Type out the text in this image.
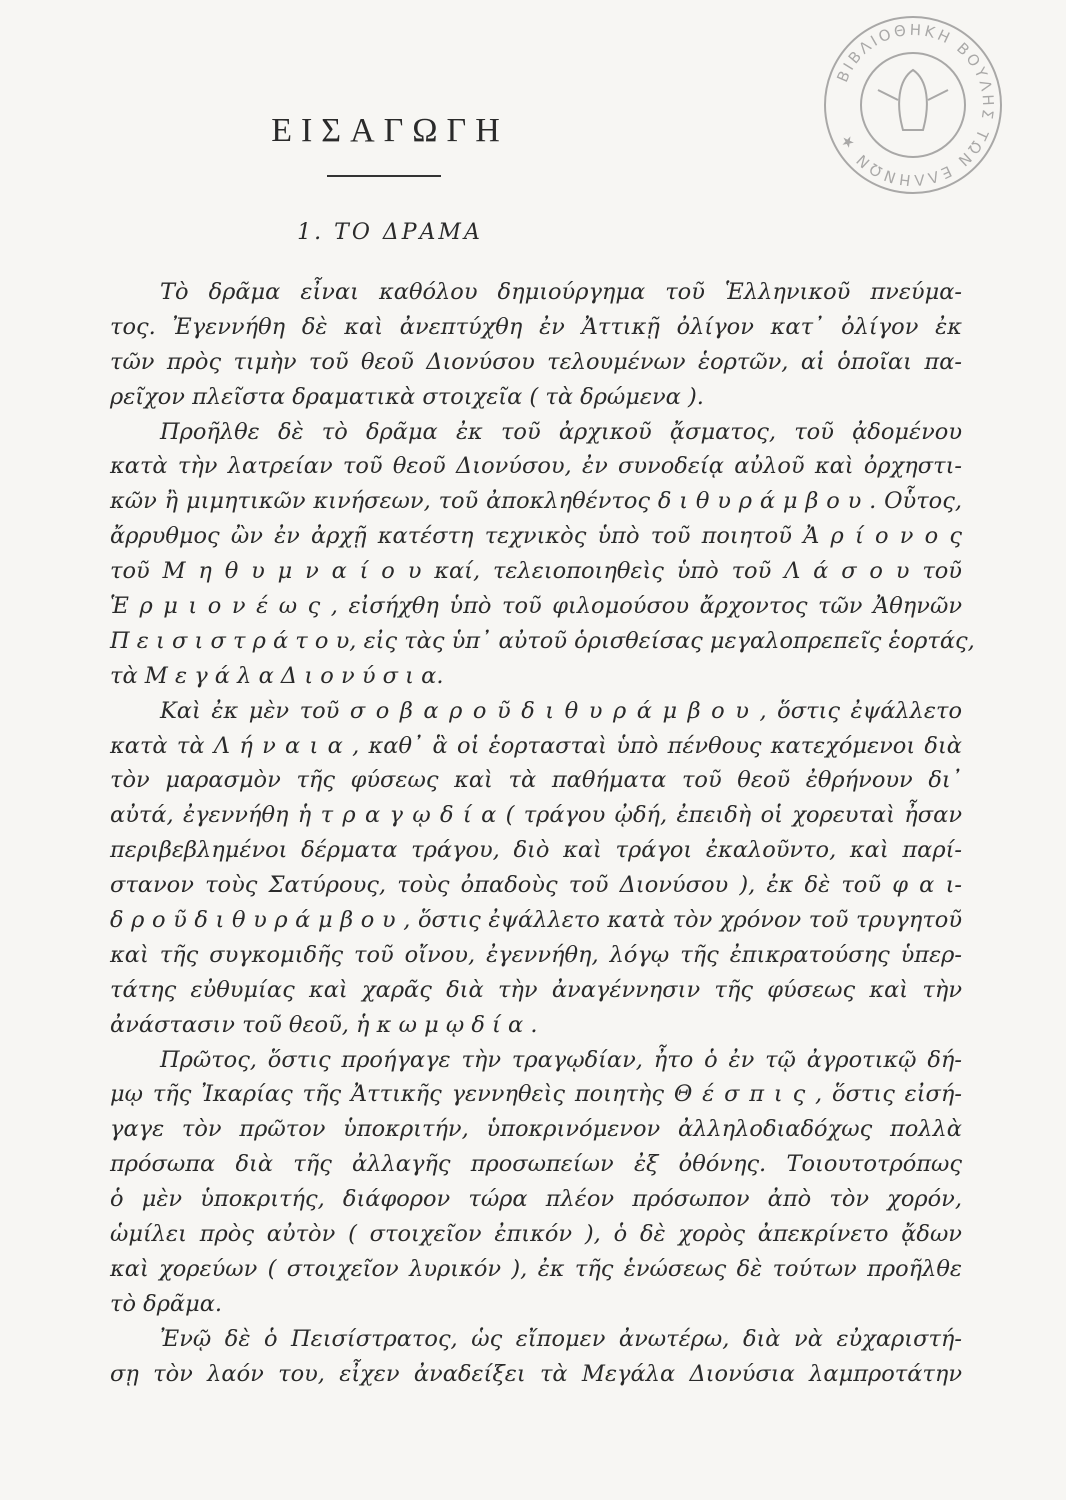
ΒΙΒΛΙΟΘΗΚΗ ΒΟΥΛΗΣ ΤΩΝ ΕΛΛΗΝΩΝ ★
ΕΙΣΑΓΩΓΗ
1. ΤΟ ΔΡΑΜΑ
Τὸ δρᾶμα εἶναι καθόλου δημιούργημα τοῦ Ἑλληνικοῦ πνεύμα-
τος. Ἐγεννήθη δὲ καὶ ἀνεπτύχθη ἐν Ἀττικῇ ὀλίγον κατ᾽ ὀλίγον ἐκ
τῶν πρὸς τιμὴν τοῦ θεοῦ Διονύσου τελουμένων ἑορτῶν, αἱ ὁποῖαι πα-
ρεῖχον πλεῖστα δραματικὰ στοιχεῖα ( τὰ δρώμενα ).
Προῆλθε δὲ τὸ δρᾶμα ἐκ τοῦ ἀρχικοῦ ᾄσματος, τοῦ ᾀδομένου
κατὰ τὴν λατρείαν τοῦ θεοῦ Διονύσου, ἐν συνοδείᾳ αὐλοῦ καὶ ὀρχηστι-
κῶν ἢ μιμητικῶν κινήσεων, τοῦ ἀποκληθέντος δ ι θ υ ρ ά μ β ο υ . Οὗτος,
ἄρρυθμος ὢν ἐν ἀρχῇ κατέστη τεχνικὸς ὑπὸ τοῦ ποιητοῦ Ἀ ρ ί ο ν ο ς
τοῦ Μ η θ υ μ ν α ί ο υ καί, τελειοποιηθεὶς ὑπὸ τοῦ Λ ά σ ο υ τοῦ
Ἑ ρ μ ι ο ν έ ω ς , εἰσήχθη ὑπὸ τοῦ φιλομούσου ἄρχοντος τῶν Ἀθηνῶν
Π ε ι σ ι σ τ ρ ά τ ο υ, εἰς τὰς ὑπ᾽ αὐτοῦ ὁρισθείσας μεγαλοπρεπεῖς ἑορτάς,
τὰ Μ ε γ ά λ α Δ ι ο ν ύ σ ι α.
Καὶ ἐκ μὲν τοῦ σ ο β α ρ ο ῦ δ ι θ υ ρ ά μ β ο υ , ὅστις ἐψάλλετο
κατὰ τὰ Λ ή ν α ι α , καθ᾽ ἃ οἱ ἑορτασταὶ ὑπὸ πένθους κατεχόμενοι διὰ
τὸν μαρασμὸν τῆς φύσεως καὶ τὰ παθήματα τοῦ θεοῦ ἐθρήνουν δι᾽
αὐτά, ἐγεννήθη ἡ τ ρ α γ ῳ δ ί α ( τράγου ᾠδή, ἐπειδὴ οἱ χορευταὶ ἦσαν
περιβεβλημένοι δέρματα τράγου, διὸ καὶ τράγοι ἐκαλοῦντο, καὶ παρί-
στανον τοὺς Σατύρους, τοὺς ὀπαδοὺς τοῦ Διονύσου ), ἐκ δὲ τοῦ φ α ι-
δ ρ ο ῦ δ ι θ υ ρ ά μ β ο υ , ὅστις ἐψάλλετο κατὰ τὸν χρόνον τοῦ τρυγητοῦ
καὶ τῆς συγκομιδῆς τοῦ οἴνου, ἐγεννήθη, λόγῳ τῆς ἐπικρατούσης ὑπερ-
τάτης εὐθυμίας καὶ χαρᾶς διὰ τὴν ἀναγέννησιν τῆς φύσεως καὶ τὴν
ἀνάστασιν τοῦ θεοῦ, ἡ κ ω μ ῳ δ ί α .
Πρῶτος, ὅστις προήγαγε τὴν τραγῳδίαν, ἦτο ὁ ἐν τῷ ἀγροτικῷ δή-
μῳ τῆς Ἰκαρίας τῆς Ἀττικῆς γεννηθεὶς ποιητὴς Θ έ σ π ι ς , ὅστις εἰσή-
γαγε τὸν πρῶτον ὑποκριτήν, ὑποκρινόμενον ἀλληλοδιαδόχως πολλὰ
πρόσωπα διὰ τῆς ἀλλαγῆς προσωπείων ἐξ ὀθόνης. Τοιουτοτρόπως
ὁ μὲν ὑποκριτής, διάφορον τώρα πλέον πρόσωπον ἀπὸ τὸν χορόν,
ὡμίλει πρὸς αὐτὸν ( στοιχεῖον ἐπικόν ), ὁ δὲ χορὸς ἀπεκρίνετο ᾄδων
καὶ χορεύων ( στοιχεῖον λυρικόν ), ἐκ τῆς ἑνώσεως δὲ τούτων προῆλθε
τὸ δρᾶμα.
Ἐνῷ δὲ ὁ Πεισίστρατος, ὡς εἴπομεν ἀνωτέρω, διὰ νὰ εὐχαριστή-
σῃ τὸν λαόν του, εἶχεν ἀναδείξει τὰ Μεγάλα Διονύσια λαμπροτάτην
